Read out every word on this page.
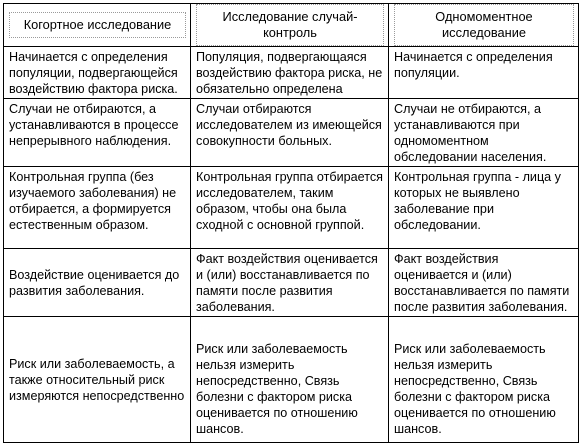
Когортное исследование	Исследование случай-контроль	Одномоментное исследование

Начинается с определения популяции, подвергающейся воздействию фактора риска.	Популяция, подвергающаяся воздействию фактора риска, не обязательно определена	Начинается с определения популяции.

Случаи не отбираются, а устанавливаются в процессе непрерывного наблюдения.	Случаи отбираются исследователем из имеющейся совокупности больных.	Случаи не отбираются, а устанавливаются при одномоментном обследовании населения.

Контрольная группа (без изучаемого заболевания) не отбирается, а формируется естественным образом.	Контрольная группа отбирается исследователем, таким образом, чтобы она была сходной с основной группой.	Контрольная группа - лица у которых не выявлено заболевание при обследовании.

Воздействие оценивается до развития заболевания.	Факт воздействия оценивается и (или) восстанавливается по памяти после развития заболевания.	Факт воздействия оценивается и (или) восстанавливается по памяти после развития заболевания.

Риск или заболеваемость, а также относительный риск измеряются непосредственно	Риск или заболеваемость нельзя измерить непосредственно, Связь болезни с фактором риска оценивается по отношению шансов.	Риск или заболеваемость нельзя измерить непосредственно, Связь болезни с фактором риска оценивается по отношению шансов.
